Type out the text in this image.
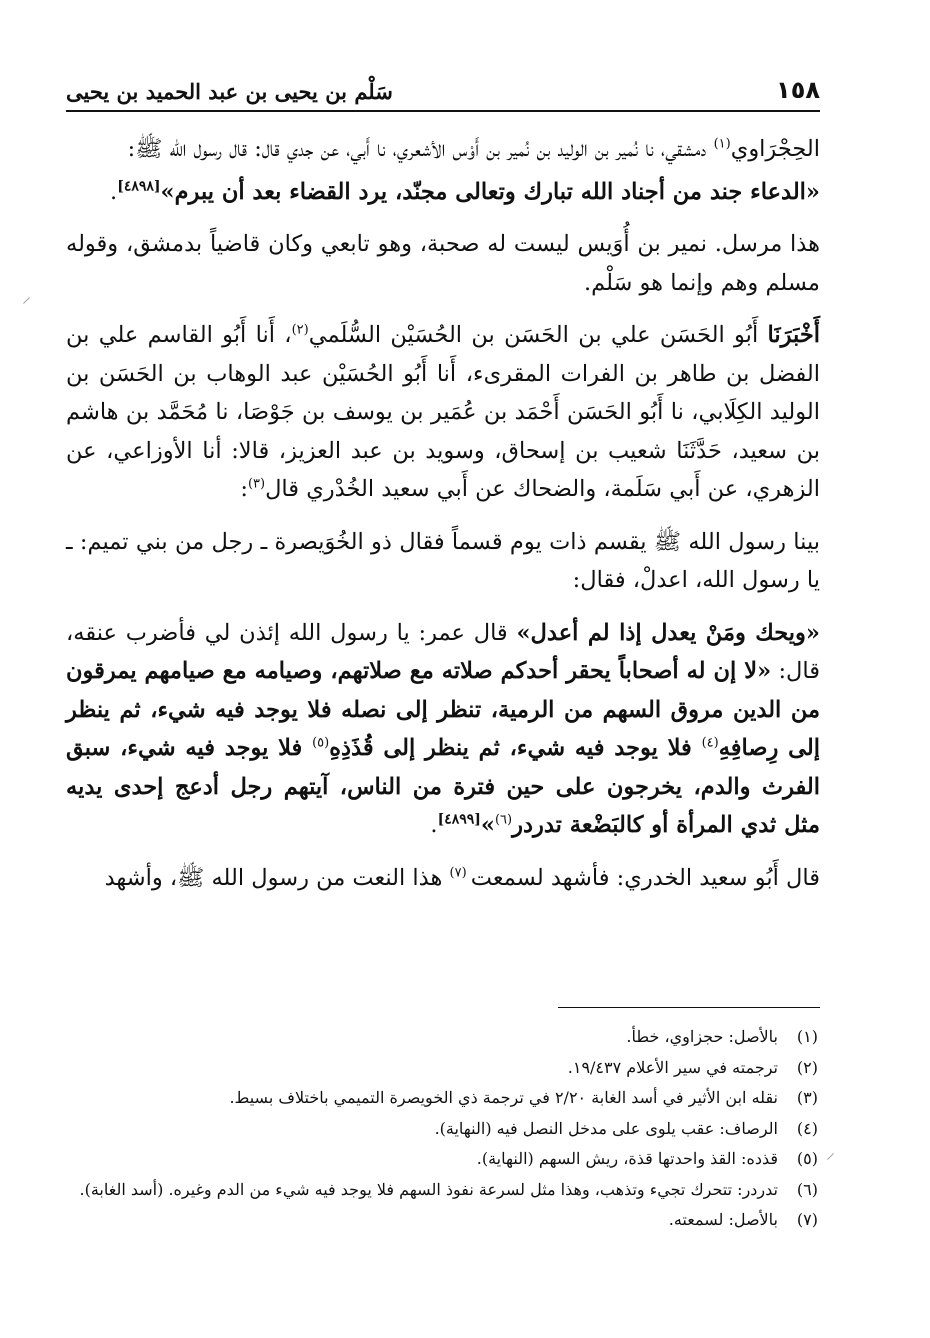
١٥٨
سَلْم بن يحيى بن عبد الحميد بن يحيى

الحِجْرَاوي$^{(١)}$ دمشقي، نا نُمير بن الوليد بن نُمير بن أَوْس الأشعري، نا أَبي، عن جدي قال: قال رسول الله ﷺ:

«الدعاء جند من أجناد الله تبارك وتعالى مجنّد، يرد القضاء بعد أن يبرم»[٤٨٩٨].

هذا مرسل. نمير بن أُوَيس ليست له صحبة، وهو تابعي وكان قاضياً بدمشق، وقوله مسلم وهم وإنما هو سَلْم.

أَخْبَرَنَا أَبُو الحَسَن علي بن الحَسَن بن الحُسَيْن السُّلَمي$^{(٢)}$، أَنا أَبُو القاسم علي بن الفضل بن طاهر بن الفرات المقرىء، أَنا أَبُو الحُسَيْن عبد الوهاب بن الحَسَن بن الوليد الكِلَابي، نا أَبُو الحَسَن أَحْمَد بن عُمَير بن يوسف بن جَوْصَا، نا مُحَمَّد بن هاشم بن سعيد، حَدَّثَنَا شعيب بن إسحاق، وسويد بن عبد العزيز، قالا: أنا الأوزاعي، عن الزهري، عن أَبي سَلَمة، والضحاك عن أَبي سعيد الخُدْري قال$^{(٣)}$:

بينا رسول الله ﷺ يقسم ذات يوم قسماً فقال ذو الخُوَيصرة ـ رجل من بني تميم: ـ يا رسول الله، اعدلْ، فقال:

«ويحك ومَنْ يعدل إذا لم أعدل» قال عمر: يا رسول الله إئذن لي فأضرب عنقه، قال: «لا إن له أصحاباً يحقر أحدكم صلاته مع صلاتهم، وصيامه مع صيامهم يمرقون من الدين مروق السهم من الرمية، تنظر إلى نصله فلا يوجد فيه شيء، ثم ينظر إلى رِصافِهِ$^{(٤)}$ فلا يوجد فيه شيء، ثم ينظر إلى قُذَذِهِ$^{(٥)}$ فلا يوجد فيه شيء، سبق الفرث والدم، يخرجون على حين فترة من الناس، آيتهم رجل أدعج إحدى يديه مثل ثدي المرأة أو كالبَضْعة تدردر$^{(٦)}$»[٤٨٩٩].

قال أَبُو سعيد الخدري: فأشهد لسمعت $^{(٧)}$ هذا النعت من رسول الله ﷺ، وأشهد

⸌
⸌
(١)
بالأصل: حجزاوي، خطأ.
(٢)
ترجمته في سير الأعلام ١٩/٤٣٧.
(٣)
نقله ابن الأثير في أسد الغابة ٢/٢٠ في ترجمة ذي الخويصرة التميمي باختلاف بسيط.
(٤)
الرصاف: عقب يلوى على مدخل النصل فيه (النهاية).
(٥)
قذده: القذ واحدتها قذة، ريش السهم (النهاية).
(٦)
تدردر: تتحرك تجيء وتذهب، وهذا مثل لسرعة نفوذ السهم فلا يوجد فيه شيء من الدم وغيره. (أسد الغابة).
(٧)
بالأصل: لسمعته.
